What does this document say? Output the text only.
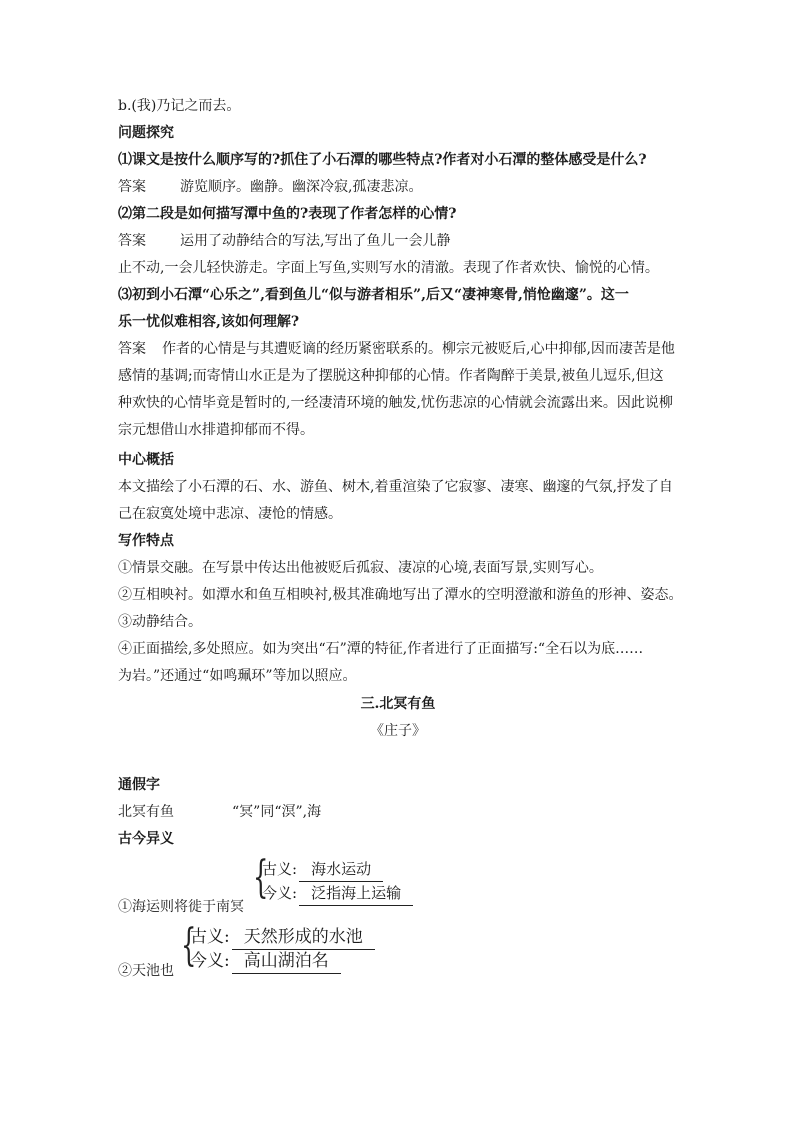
b.(我)乃记之而去。
问题探究
⑴课文是按什么顺序写的?抓住了小石潭的哪些特点?作者对小石潭的整体感受是什么?
答案 游览顺序。幽静。幽深冷寂,孤凄悲凉。
⑵第二段是如何描写潭中鱼的?表现了作者怎样的心情?
答案 运用了动静结合的写法,写出了鱼儿一会儿静
止不动,一会儿轻快游走。字面上写鱼,实则写水的清澈。表现了作者欢快、愉悦的心情。
⑶初到小石潭“心乐之”,看到鱼儿“似与游者相乐”,后又“凄神寒骨,悄怆幽邃”。这一
乐一忧似难相容,该如何理解?
答案 作者的心情是与其遭贬谪的经历紧密联系的。柳宗元被贬后,心中抑郁,因而凄苦是他
感情的基调;而寄情山水正是为了摆脱这种抑郁的心情。作者陶醉于美景,被鱼儿逗乐,但这
种欢快的心情毕竟是暂时的,一经凄清环境的触发,忧伤悲凉的心情就会流露出来。因此说柳
宗元想借山水排遣抑郁而不得。
中心概括
本文描绘了小石潭的石、水、游鱼、树木,着重渲染了它寂寥、凄寒、幽邃的气氛,抒发了自
己在寂寞处境中悲凉、凄怆的情感。
写作特点
①情景交融。在写景中传达出他被贬后孤寂、凄凉的心境,表面写景,实则写心。
②互相映衬。如潭水和鱼互相映衬,极其准确地写出了潭水的空明澄澈和游鱼的形神、姿态。
③动静结合。
④正面描绘,多处照应。如为突出“石”潭的特征,作者进行了正面描写:“全石以为底……
为岩。”还通过“如鸣珮环”等加以照应。
三.北冥有鱼
《庄子》
通假字
北冥有鱼	“冥”同“溟”,海
古今异义
①海运则将徙于南冥
{
古义: 海水运动
今义: 泛指海上运输
②天池也 {
古义: 天然形成的水池
今义: 高山湖泊名
